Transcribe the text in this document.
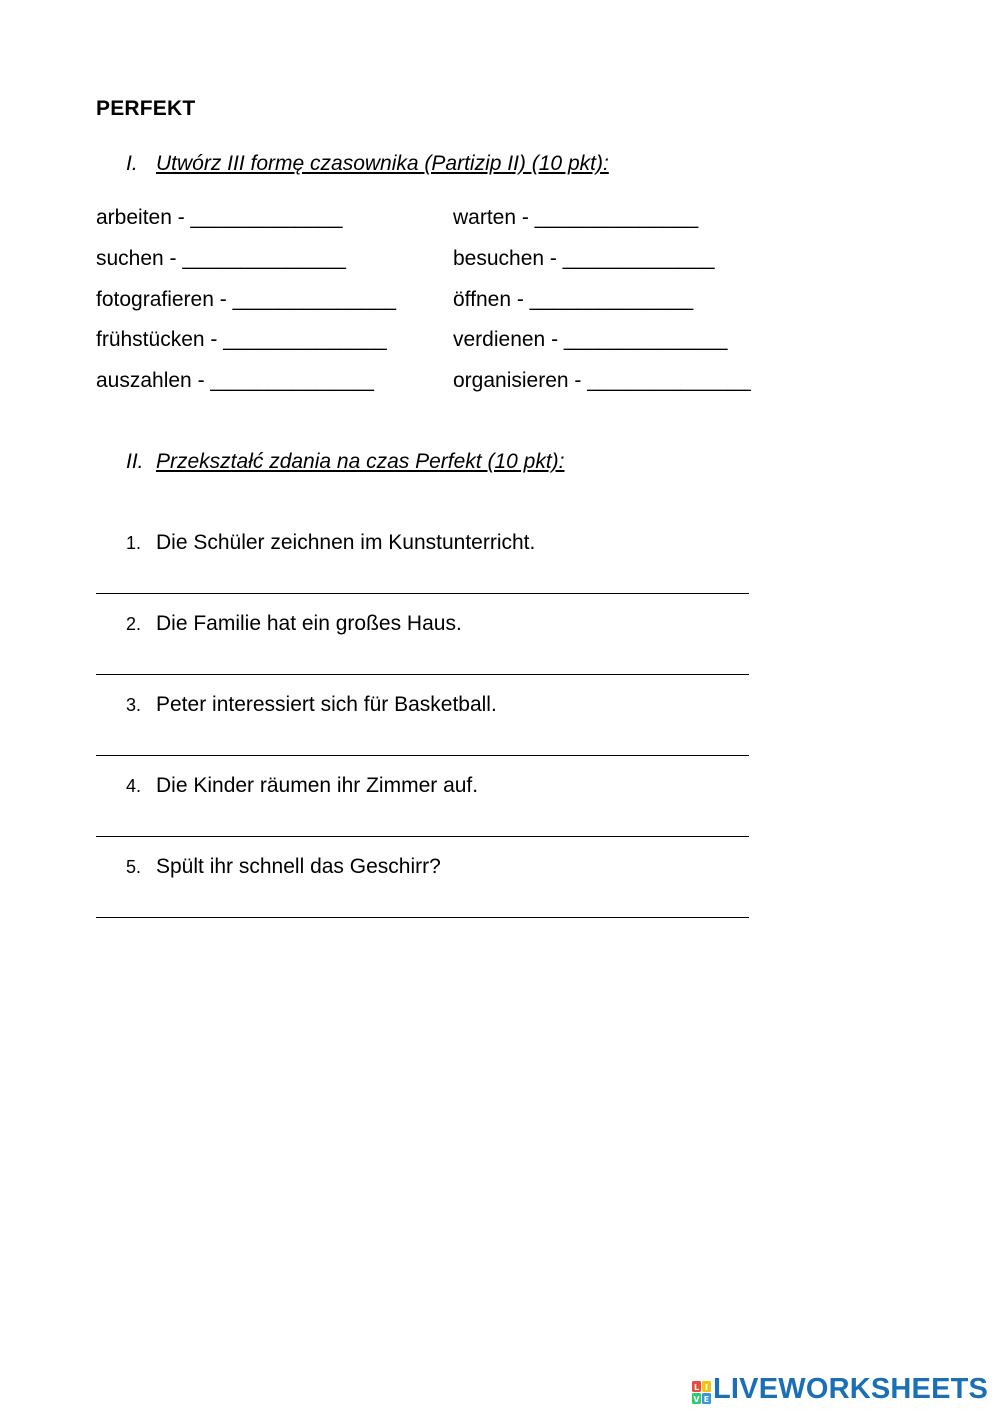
PERFEKT
I. Utwórz III formę czasownika (Partizip II) (10 pkt):
arbeiten - _____________
suchen - ______________
fotografieren - ______________
frühstücken - ______________
auszahlen - ______________
warten - ______________
besuchen - _____________
öffnen - ______________
verdienen - ______________
organisieren - ______________
II. Przekształć zdania na czas Perfekt (10 pkt):
1. Die Schüler zeichnen im Kunstunterricht.
2. Die Familie hat ein großes Haus.
3. Peter interessiert sich für Basketball.
4. Die Kinder räumen ihr Zimmer auf.
5. Spült ihr schnell das Geschirr?
L I
V E LIVEWORKSHEETS
